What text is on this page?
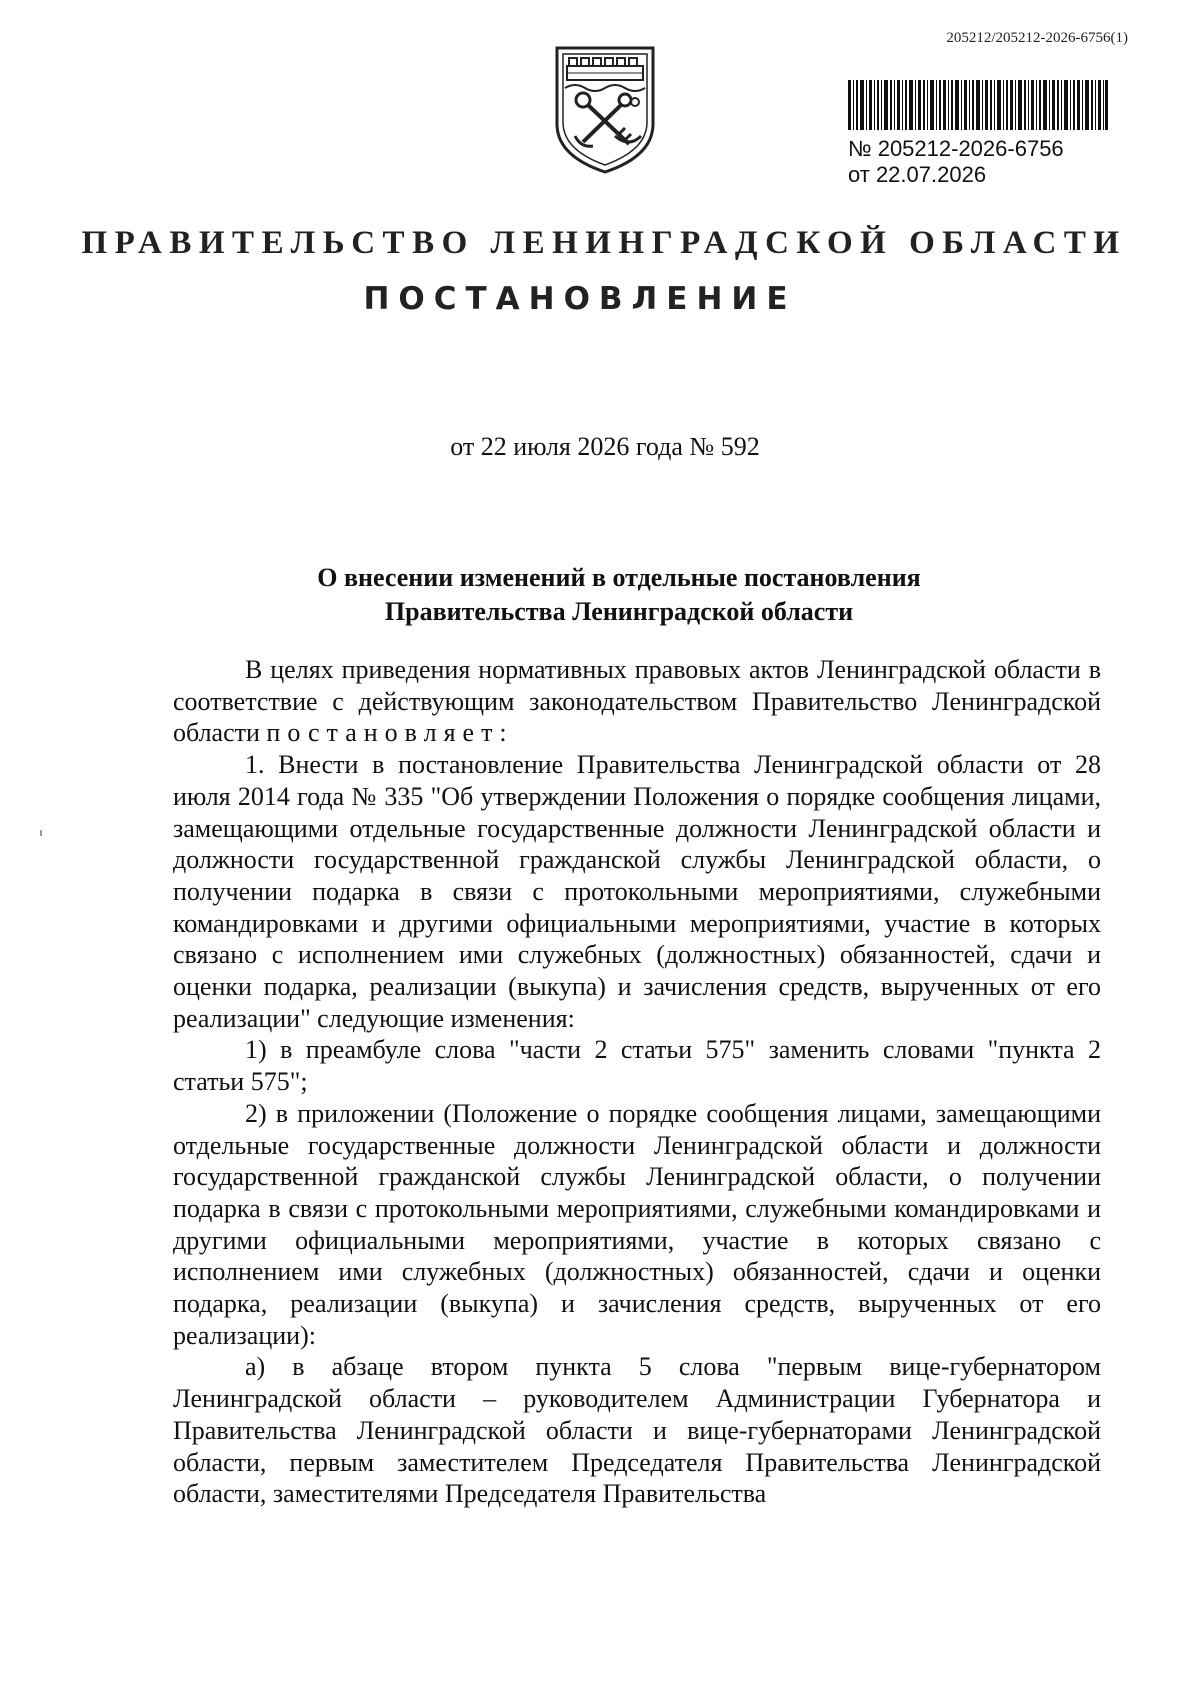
205212/205212-2026-6756(1)
№ 205212-2026-6756
от 22.07.2026
ПРАВИТЕЛЬСТВО ЛЕНИНГРАДСКОЙ ОБЛАСТИ
ПОСТАНОВЛЕНИЕ
от 22 июля 2026 года № 592
О внесении изменений в отдельные постановления
Правительства Ленинградской области

В целях приведения нормативных правовых актов Ленинградской области в соответствие с действующим законодательством Правительство Ленинградской области постановляет:

1. Внести в постановление Правительства Ленинградской области от 28 июля 2014 года № 335 "Об утверждении Положения о порядке сообщения лицами, замещающими отдельные государственные должности Ленинградской области и должности государственной гражданской службы Ленинградской области, о получении подарка в связи с протокольными мероприятиями, служебными командировками и другими официальными мероприятиями, участие в которых связано с исполнением ими служебных (должностных) обязанностей, сдачи и оценки подарка, реализации (выкупа) и зачисления средств, вырученных от его реализации" следующие изменения:

1) в преамбуле слова "части 2 статьи 575" заменить словами "пункта 2 статьи 575";

2) в приложении (Положение о порядке сообщения лицами, замещающими отдельные государственные должности Ленинградской области и должности государственной гражданской службы Ленинградской области, о получении подарка в связи с протокольными мероприятиями, служебными командировками и другими официальными мероприятиями, участие в которых связано с исполнением ими служебных (должностных) обязанностей, сдачи и оценки подарка, реализации (выкупа) и зачисления средств, вырученных от его реализации):

а) в абзаце втором пункта 5 слова "первым вице-губернатором Ленинградской области – руководителем Администрации Губернатора и Правительства Ленинградской области и вице-губернаторами Ленинградской области, первым заместителем Председателя Правительства Ленинградской области, заместителями Председателя Правительства
